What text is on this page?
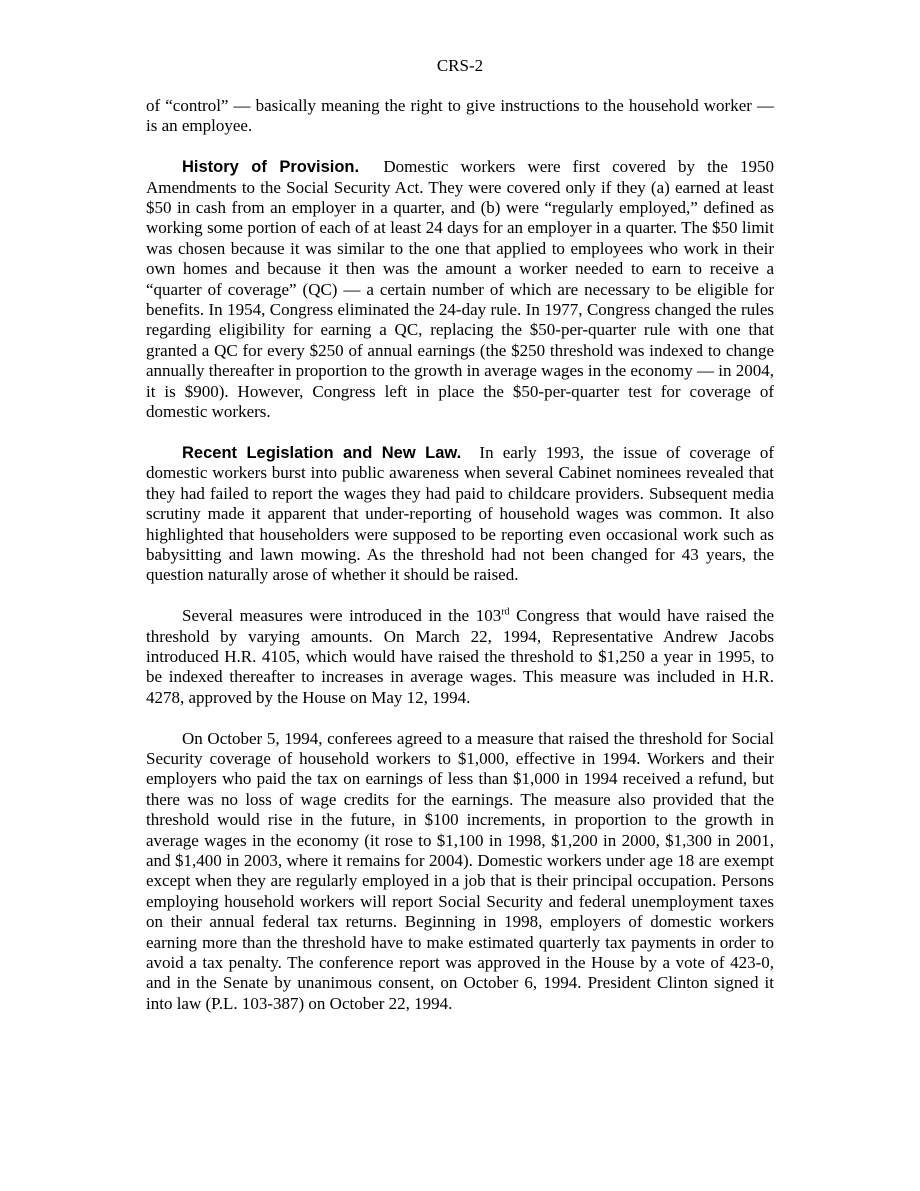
CRS-2

of “control” — basically meaning the right to give instructions to the household worker — is an employee.

History of Provision. Domestic workers were first covered by the 1950 Amendments to the Social Security Act. They were covered only if they (a) earned at least $50 in cash from an employer in a quarter, and (b) were “regularly employed,” defined as working some portion of each of at least 24 days for an employer in a quarter. The $50 limit was chosen because it was similar to the one that applied to employees who work in their own homes and because it then was the amount a worker needed to earn to receive a “quarter of coverage” (QC) — a certain number of which are necessary to be eligible for benefits. In 1954, Congress eliminated the 24-day rule. In 1977, Congress changed the rules regarding eligibility for earning a QC, replacing the $50-per-quarter rule with one that granted a QC for every $250 of annual earnings (the $250 threshold was indexed to change annually thereafter in proportion to the growth in average wages in the economy — in 2004, it is $900). However, Congress left in place the $50-per-quarter test for coverage of domestic workers.

Recent Legislation and New Law. In early 1993, the issue of coverage of domestic workers burst into public awareness when several Cabinet nominees revealed that they had failed to report the wages they had paid to childcare providers. Subsequent media scrutiny made it apparent that under-reporting of household wages was common. It also highlighted that householders were supposed to be reporting even occasional work such as babysitting and lawn mowing. As the threshold had not been changed for 43 years, the question naturally arose of whether it should be raised.

Several measures were introduced in the 103rd Congress that would have raised the threshold by varying amounts. On March 22, 1994, Representative Andrew Jacobs introduced H.R. 4105, which would have raised the threshold to $1,250 a year in 1995, to be indexed thereafter to increases in average wages. This measure was included in H.R. 4278, approved by the House on May 12, 1994.

On October 5, 1994, conferees agreed to a measure that raised the threshold for Social Security coverage of household workers to $1,000, effective in 1994. Workers and their employers who paid the tax on earnings of less than $1,000 in 1994 received a refund, but there was no loss of wage credits for the earnings. The measure also provided that the threshold would rise in the future, in $100 increments, in proportion to the growth in average wages in the economy (it rose to $1,100 in 1998, $1,200 in 2000, $1,300 in 2001, and $1,400 in 2003, where it remains for 2004). Domestic workers under age 18 are exempt except when they are regularly employed in a job that is their principal occupation. Persons employing household workers will report Social Security and federal unemployment taxes on their annual federal tax returns. Beginning in 1998, employers of domestic workers earning more than the threshold have to make estimated quarterly tax payments in order to avoid a tax penalty. The conference report was approved in the House by a vote of 423-0, and in the Senate by unanimous consent, on October 6, 1994. President Clinton signed it into law (P.L. 103-387) on October 22, 1994.
